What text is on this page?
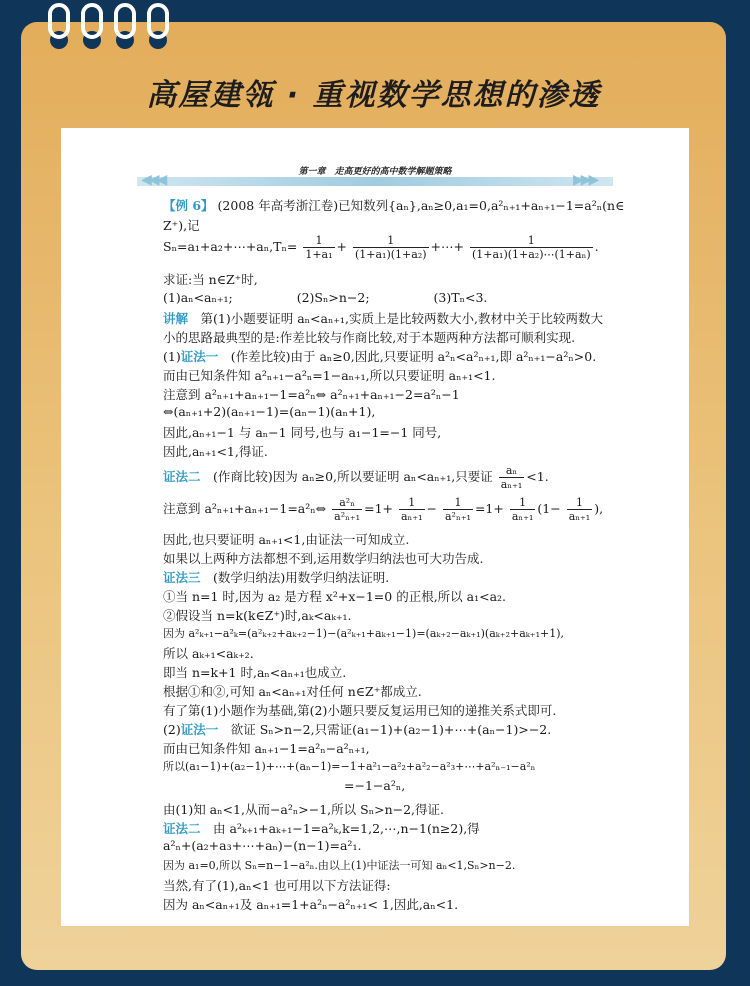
高屋建瓴 · 重视数学思想的渗透
◀◀◀	▶▶▶
第一章　走高更好的高中数学解题策略
【例 6】 (2008 年高考浙江卷)已知数列{aₙ},aₙ≥0,a₁=0,a²ₙ₊₁+aₙ₊₁−1=a²ₙ(n∈
Z⁺),记
Sₙ=a₁+a₂+⋯+aₙ,Tₙ= $\frac{1}{\text{1+a₁}} + \frac{1}{\text{(1+a₁)(1+a₂)}}$ +⋯+ $\frac{1}{\text{(1+a₁)(1+a₂)⋯(1+aₙ)}}$ .
求证:当 n∈Z⁺时,
(1)aₙ<aₙ₊₁;	(2)Sₙ>n−2;	(3)Tₙ<3.
讲解　第(1)小题要证明 aₙ<aₙ₊₁,实质上是比较两数大小,教材中关于比较两数大
小的思路最典型的是:作差比较与作商比较,对于本题两种方法都可顺利实现.
(1)证法一　(作差比较)由于 aₙ≥0,因此,只要证明 a²ₙ<a²ₙ₊₁,即 a²ₙ₊₁−a²ₙ>0.
而由已知条件知 a²ₙ₊₁−a²ₙ=1−aₙ₊₁,所以只要证明 aₙ₊₁<1.
注意到 a²ₙ₊₁+aₙ₊₁−1=a²ₙ⇔ a²ₙ₊₁+aₙ₊₁−2=a²ₙ−1
⇔(aₙ₊₁+2)(aₙ₊₁−1)=(aₙ−1)(aₙ+1),
因此,aₙ₊₁−1 与 aₙ−1 同号,也与 a₁−1=−1 同号,
因此,aₙ₊₁<1,得证.
证法二　(作商比较)因为 aₙ≥0,所以要证明 aₙ<aₙ₊₁,只要证 $\frac{\text{aₙ}}{\text{aₙ₊₁}} <1$.
注意到 a²ₙ₊₁+aₙ₊₁−1=a²ₙ⇔ $\frac{\text{a²ₙ}}{\text{a²ₙ₊₁}} =1+ \frac{1}{\text{aₙ₊₁}} - \frac{1}{\text{a²ₙ₊₁}} =1+ \frac{1}{\text{aₙ₊₁}} (1- \frac{1}{\text{aₙ₊₁}}$ ),
因此,也只要证明 aₙ₊₁<1,由证法一可知成立.
如果以上两种方法都想不到,运用数学归纳法也可大功告成.
证法三　(数学归纳法)用数学归纳法证明.
①当 n=1 时,因为 a₂ 是方程 x²+x−1=0 的正根,所以 a₁<a₂.
②假设当 n=k(k∈Z⁺)时,aₖ<aₖ₊₁.
因为 a²ₖ₊₁−a²ₖ=(a²ₖ₊₂+aₖ₊₂−1)−(a²ₖ₊₁+aₖ₊₁−1)=(aₖ₊₂−aₖ₊₁)(aₖ₊₂+aₖ₊₁+1),
所以 aₖ₊₁<aₖ₊₂.
即当 n=k+1 时,aₙ<aₙ₊₁也成立.
根据①和②,可知 aₙ<aₙ₊₁对任何 n∈Z⁺都成立.
有了第(1)小题作为基础,第(2)小题只要反复运用已知的递推关系式即可.
(2)证法一　欲证 Sₙ>n−2,只需证(a₁−1)+(a₂−1)+⋯+(aₙ−1)>−2.
而由已知条件知 aₙ₊₁−1=a²ₙ−a²ₙ₊₁,
所以(a₁−1)+(a₂−1)+⋯+(aₙ−1)=−1+a²₁−a²₂+a²₂−a²₃+⋯+a²ₙ₋₁−a²ₙ
=−1−a²ₙ,
由(1)知 aₙ<1,从而−a²ₙ>−1,所以 Sₙ>n−2,得证.
证法二　由 a²ₖ₊₁+aₖ₊₁−1=a²ₖ,k=1,2,⋯,n−1(n≥2),得
a²ₙ+(a₂+a₃+⋯+aₙ)−(n−1)=a²₁.
因为 a₁=0,所以 Sₙ=n−1−a²ₙ.由以上(1)中证法一可知 aₙ<1,Sₙ>n−2.
当然,有了(1),aₙ<1 也可用以下方法证得:
因为 aₙ<aₙ₊₁及 aₙ₊₁=1+a²ₙ−a²ₙ₊₁< 1,因此,aₙ<1.
